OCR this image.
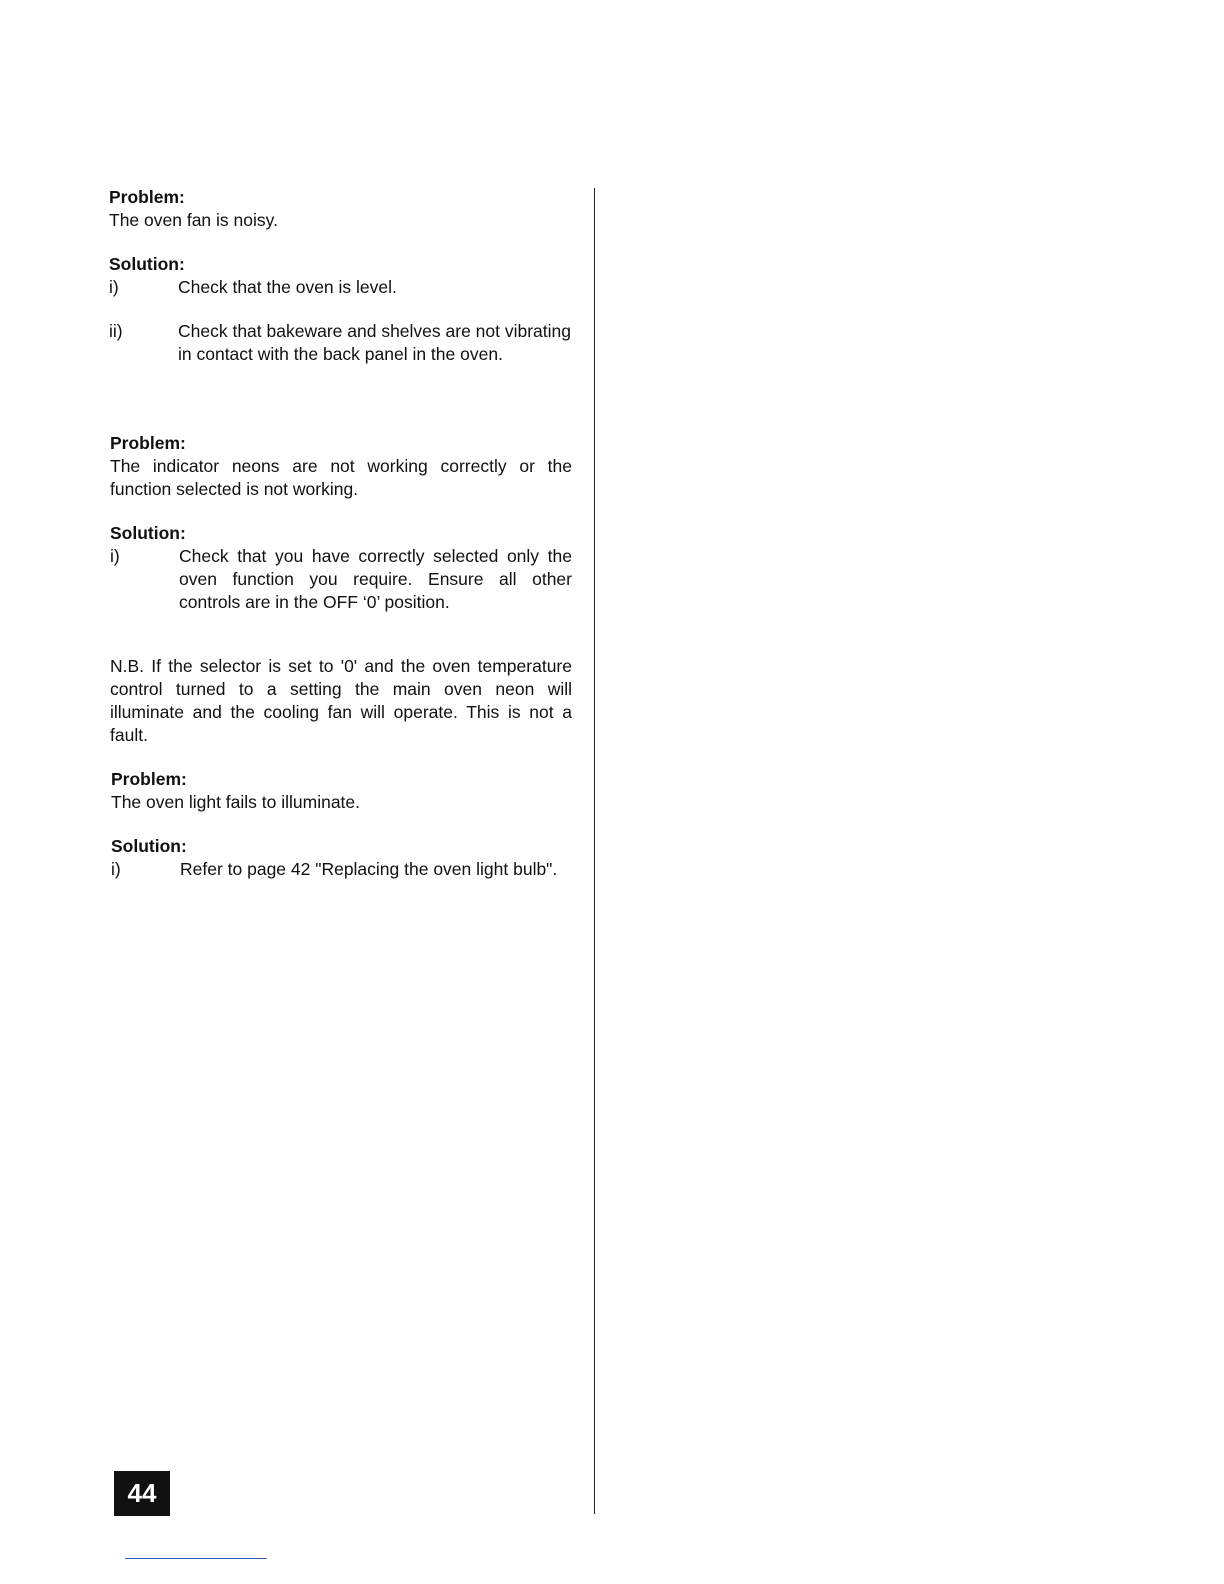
Problem:

The oven fan is noisy.

Solution:

i)	Check that the oven is level.
ii)	Check that bakeware and shelves are not vibrating in contact with the back panel in the oven.

Problem:

The indicator neons are not working correctly or the function selected is not working.

Solution:

i)	Check that you have correctly selected only the oven function you require. Ensure all other controls are in the OFF ‘0’ position.

N.B. If the selector is set to '0' and the oven temperature control turned to a setting the main oven neon will illuminate and the cooling fan will operate. This is not a fault.

Problem:

The oven light fails to illuminate.

Solution:

i)	Refer to page 42 "Replacing the oven light bulb".
44
